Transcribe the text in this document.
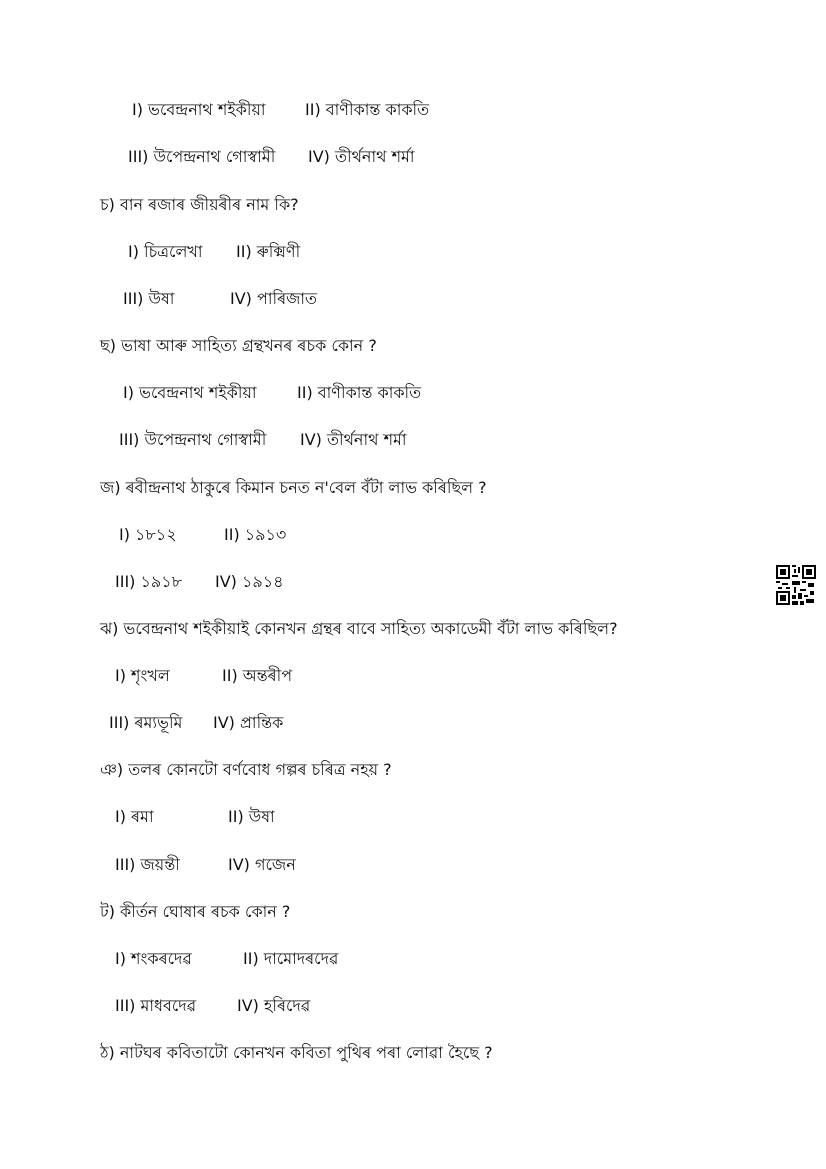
I) ভবেন্দ্ৰনাথ শইকীয়া II) বাণীকান্ত কাকতি
III) উপেন্দ্ৰনাথ গোস্বামী IV) তীৰ্থনাথ শৰ্মা
চ) বান ৰজাৰ জীয়ৰীৰ নাম কি?
I) চিত্ৰলেখা II) ৰুক্মিণী
III) উষা	IV) পাৰিজাত
ছ) ভাষা আৰু সাহিত্য গ্ৰন্থখনৰ ৰচক কোন ?
I) ভবেন্দ্ৰনাথ শইকীয়া	II) বাণীকান্ত কাকতি
III) উপেন্দ্ৰনাথ গোস্বামী IV) তীৰ্থনাথ শৰ্মা
জ) ৰবীন্দ্ৰনাথ ঠাকুৰে কিমান চনত ন'বেল বঁটা লাভ কৰিছিল ?
I) ১৮১২	II) ১৯১৩
III) ১৯১৮ IV) ১৯১৪
ঝ) ভবেন্দ্ৰনাথ শইকীয়াই কোনখন গ্ৰন্থৰ বাবে সাহিত্য অকাডেমী বঁটা লাভ কৰিছিল?
I) শৃংখল	II) অন্তৰীপ
III) ৰম্যভূমি IV) প্ৰান্তিক
ঞ) তলৰ কোনটো বৰ্ণবোধ গল্পৰ চৰিত্ৰ নহয় ?
I) ৰমা	II) উষা
III) জয়ন্তী	IV) গজেন
ট) কীৰ্তন ঘোষাৰ ৰচক কোন ?
I) শংকৰদেৱ	II) দামোদৰদেৱ
III) মাধবদেৱ	IV) হৰিদেৱ
ঠ) নাটঘৰ কবিতাটো কোনখন কবিতা পুথিৰ পৰা লোৱা হৈছে ?
